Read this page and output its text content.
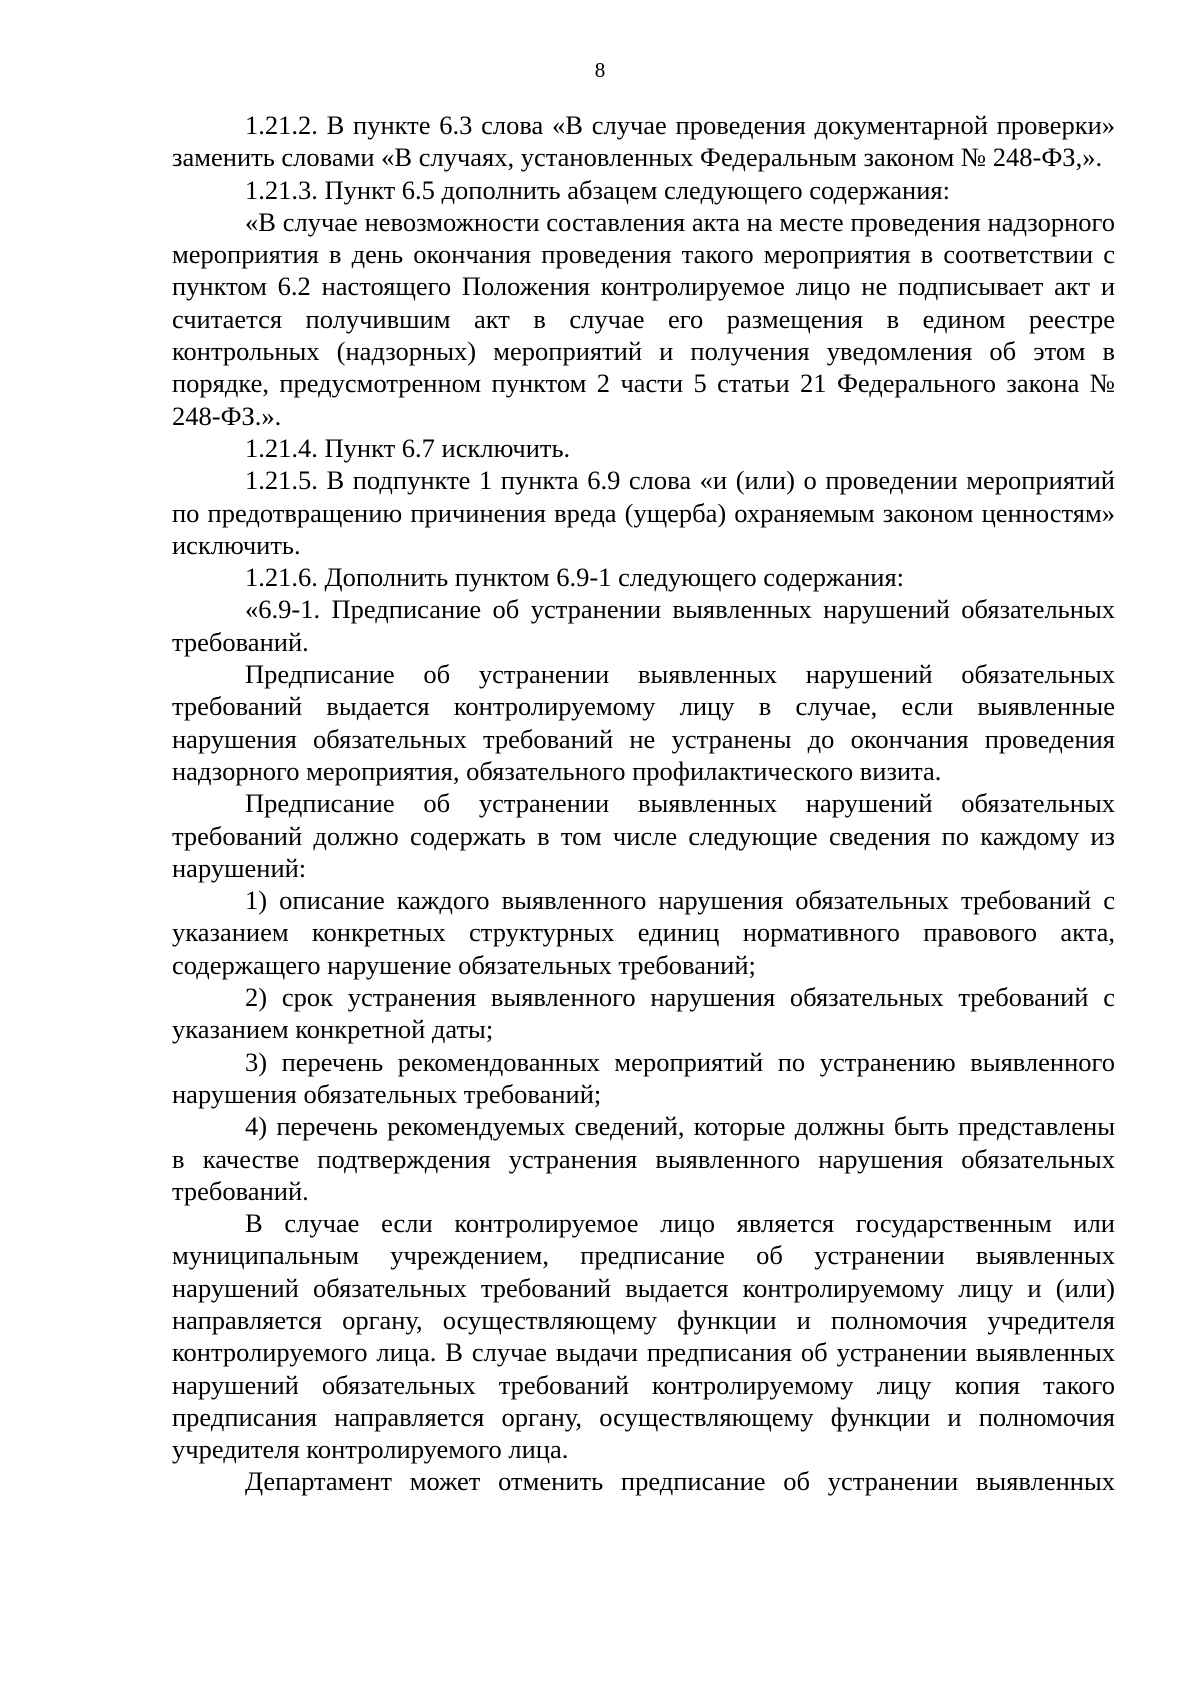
8

1.21.2. В пункте 6.3 слова «В случае проведения документарной проверки» заменить словами «В случаях, установленных Федеральным законом № 248-ФЗ,».

1.21.3. Пункт 6.5 дополнить абзацем следующего содержания:

«В случае невозможности составления акта на месте проведения надзорного мероприятия в день окончания проведения такого мероприятия в соответствии с пунктом 6.2 настоящего Положения контролируемое лицо не подписывает акт и считается получившим акт в случае его размещения в едином реестре контрольных (надзорных) мероприятий и получения уведомления об этом в порядке, предусмотренном пунктом 2 части 5 статьи 21 Федерального закона № 248-ФЗ.».

1.21.4. Пункт 6.7 исключить.

1.21.5. В подпункте 1 пункта 6.9 слова «и (или) о проведении мероприятий по предотвращению причинения вреда (ущерба) охраняемым законом ценностям» исключить.

1.21.6. Дополнить пунктом 6.9-1 следующего содержания:

«6.9-1. Предписание об устранении выявленных нарушений обязательных требований.

Предписание об устранении выявленных нарушений обязательных требований выдается контролируемому лицу в случае, если выявленные нарушения обязательных требований не устранены до окончания проведения надзорного мероприятия, обязательного профилактического визита.

Предписание об устранении выявленных нарушений обязательных требований должно содержать в том числе следующие сведения по каждому из нарушений:

1) описание каждого выявленного нарушения обязательных требований с указанием конкретных структурных единиц нормативного правового акта, содержащего нарушение обязательных требований;

2) срок устранения выявленного нарушения обязательных требований с указанием конкретной даты;

3) перечень рекомендованных мероприятий по устранению выявленного нарушения обязательных требований;

4) перечень рекомендуемых сведений, которые должны быть представлены в качестве подтверждения устранения выявленного нарушения обязательных требований.

В случае если контролируемое лицо является государственным или муниципальным учреждением, предписание об устранении выявленных нарушений обязательных требований выдается контролируемому лицу и (или) направляется органу, осуществляющему функции и полномочия учредителя контролируемого лица. В случае выдачи предписания об устранении выявленных нарушений обязательных требований контролируемому лицу копия такого предписания направляется органу, осуществляющему функции и полномочия учредителя контролируемого лица.

Департамент может отменить предписание об устранении выявленных
